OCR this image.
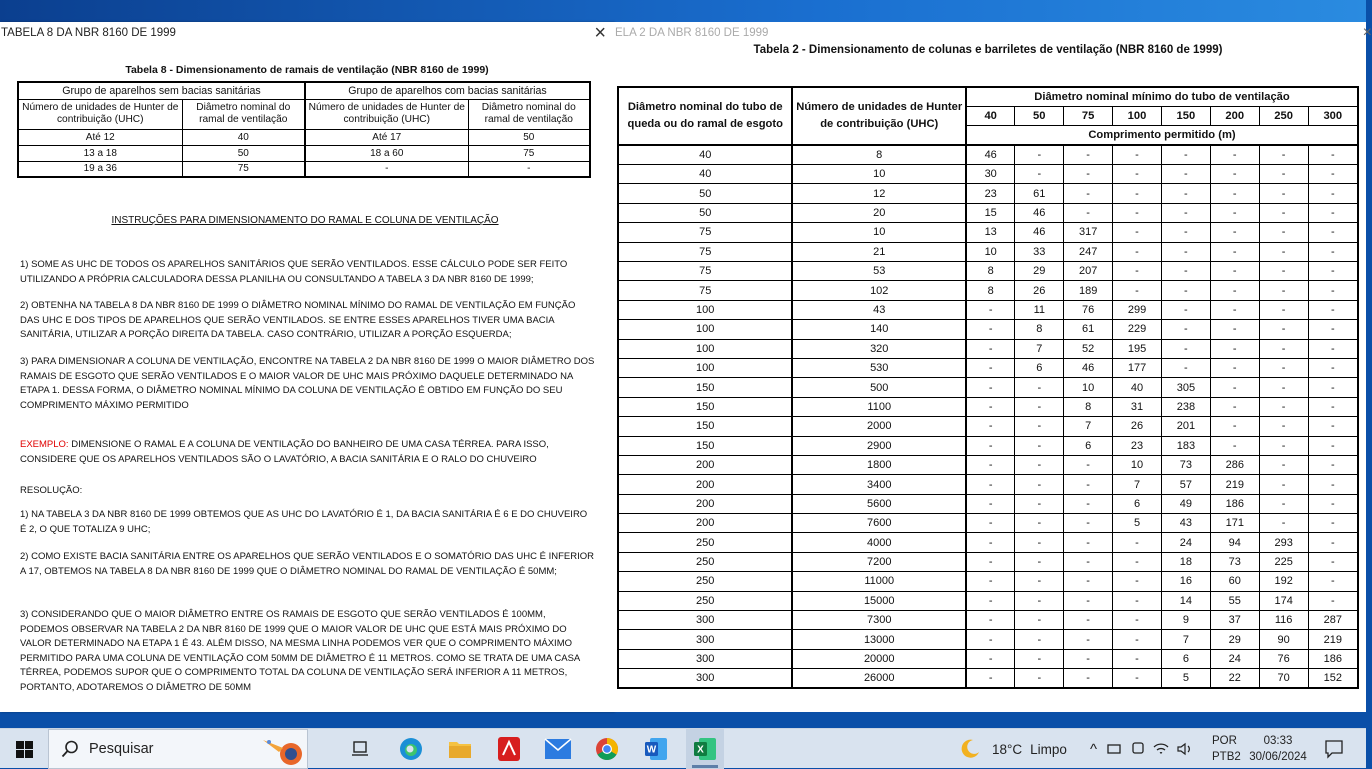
TABELA 8 DA NBR 8160 DE 1999	×
Tabela 8 - Dimensionamento de ramais de ventilação (NBR 8160 de 1999)
Grupo de aparelhos sem bacias sanitárias		Grupo de aparelhos com bacias sanitárias	
Número de unidades de Hunter de contribuição (UHC)	Diâmetro nominal do ramal de ventilação	Número de unidades de Hunter de contribuição (UHC)	Diâmetro nominal do ramal de ventilação
Até 12	40	Até 17	50
13 a 18	50	18 a 60	75
19 a 36	75	-	-
INSTRUÇÕES PARA DIMENSIONAMENTO DO RAMAL E COLUNA DE VENTILAÇÃO
1) SOME AS UHC DE TODOS OS APARELHOS SANITÁRIOS QUE SERÃO VENTILADOS. ESSE CÁLCULO PODE SER FEITO UTILIZANDO A PRÓPRIA CALCULADORA DESSA PLANILHA OU CONSULTANDO A TABELA 3 DA NBR 8160 DE 1999;
2) OBTENHA NA TABELA 8 DA NBR 8160 DE 1999 O DIÂMETRO NOMINAL MÍNIMO DO RAMAL DE VENTILAÇÃO EM FUNÇÃO DAS UHC E DOS TIPOS DE APARELHOS QUE SERÃO VENTILADOS. SE ENTRE ESSES APARELHOS TIVER UMA BACIA SANITÁRIA, UTILIZAR A PORÇÃO DIREITA DA TABELA. CASO CONTRÁRIO, UTILIZAR A PORÇÃO ESQUERDA;
3) PARA DIMENSIONAR A COLUNA DE VENTILAÇÃO, ENCONTRE NA TABELA 2 DA NBR 8160 DE 1999 O MAIOR DIÂMETRO DOS RAMAIS DE ESGOTO QUE SERÃO VENTILADOS E O MAIOR VALOR DE UHC MAIS PRÓXIMO DAQUELE DETERMINADO NA ETAPA 1. DESSA FORMA, O DIÂMETRO NOMINAL MÍNIMO DA COLUNA DE VENTILAÇÃO É OBTIDO EM FUNÇÃO DO SEU COMPRIMENTO MÁXIMO PERMITIDO
EXEMPLO: DIMENSIONE O RAMAL E A COLUNA DE VENTILAÇÃO DO BANHEIRO DE UMA CASA TÉRREA. PARA ISSO, CONSIDERE QUE OS APARELHOS VENTILADOS SÃO O LAVATÓRIO, A BACIA SANITÁRIA E O RALO DO CHUVEIRO
RESOLUÇÃO:
1) NA TABELA 3 DA NBR 8160 DE 1999 OBTEMOS QUE AS UHC DO LAVATÓRIO É 1, DA BACIA SANITÁRIA É 6 E DO CHUVEIRO É 2, O QUE TOTALIZA 9 UHC;
2) COMO EXISTE BACIA SANITÁRIA ENTRE OS APARELHOS QUE SERÃO VENTILADOS E O SOMATÓRIO DAS UHC É INFERIOR A 17, OBTEMOS NA TABELA 8 DA NBR 8160 DE 1999 QUE O DIÂMETRO NOMINAL DO RAMAL DE VENTILAÇÃO É 50MM;
3) CONSIDERANDO QUE O MAIOR DIÂMETRO ENTRE OS RAMAIS DE ESGOTO QUE SERÃO VENTILADOS É 100MM, PODEMOS OBSERVAR NA TABELA 2 DA NBR 8160 DE 1999 QUE O MAIOR VALOR DE UHC QUE ESTÁ MAIS PRÓXIMO DO VALOR DETERMINADO NA ETAPA 1 É 43. ALÉM DISSO, NA MESMA LINHA PODEMOS VER QUE O COMPRIMENTO MÁXIMO PERMITIDO PARA UMA COLUNA DE VENTILAÇÃO COM 50MM DE DIÂMETRO É 11 METROS. COMO SE TRATA DE UMA CASA TÉRREA, PODEMOS SUPOR QUE O COMPRIMENTO TOTAL DA COLUNA DE VENTILAÇÃO SERÁ INFERIOR A 11 METROS, PORTANTO, ADOTAREMOS O DIÂMETRO DE 50MM
ELA 2 DA NBR 8160 DE 1999	×
Tabela 2 - Dimensionamento de colunas e barriletes de ventilação (NBR 8160 de 1999)
Diâmetro nominal do tubo de queda ou do ramal de esgoto	Número de unidades de Hunter de contribuição (UHC)	Diâmetro nominal mínimo do tubo de ventilação							
		40	50	75	100	150	200	250	300
		Comprimento permitido (m)							
40	8	46	-	-	-	-	-	-	-
40	10	30	-	-	-	-	-	-	-
50	12	23	61	-	-	-	-	-	-
50	20	15	46	-	-	-	-	-	-
75	10	13	46	317	-	-	-	-	-
75	21	10	33	247	-	-	-	-	-
75	53	8	29	207	-	-	-	-	-
75	102	8	26	189	-	-	-	-	-
100	43	-	11	76	299	-	-	-	-
100	140	-	8	61	229	-	-	-	-
100	320	-	7	52	195	-	-	-	-
100	530	-	6	46	177	-	-	-	-
150	500	-	-	10	40	305	-	-	-
150	1100	-	-	8	31	238	-	-	-
150	2000	-	-	7	26	201	-	-	-
150	2900	-	-	6	23	183	-	-	-
200	1800	-	-	-	10	73	286	-	-
200	3400	-	-	-	7	57	219	-	-
200	5600	-	-	-	6	49	186	-	-
200	7600	-	-	-	5	43	171	-	-
250	4000	-	-	-	-	24	94	293	-
250	7200	-	-	-	-	18	73	225	-
250	11000	-	-	-	-	16	60	192	-
250	15000	-	-	-	-	14	55	174	-
300	7300	-	-	-	-	9	37	116	287
300	13000	-	-	-	-	7	29	90	219
300	20000	-	-	-	-	6	24	76	186
300	26000	-	-	-	-	5	22	70	152
Pesquisar	W	X	18°C Limpo ^	POR
PTB2
03:33
30/06/2024
